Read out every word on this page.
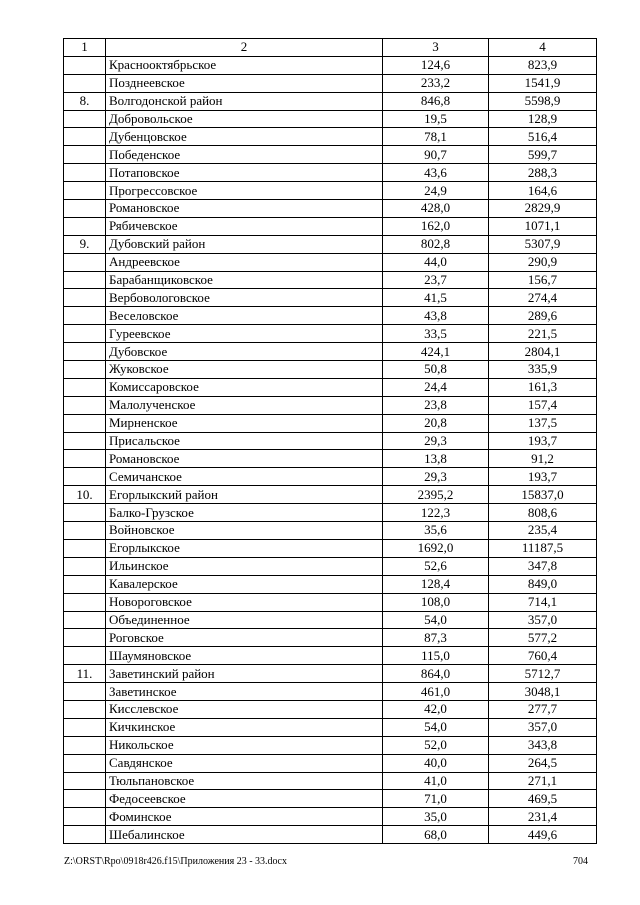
1	2	3	4
	Краснооктябрьское	124,6	823,9
	Позднеевское	233,2	1541,9
8.	Волгодонской район	846,8	5598,9
	Добровольское	19,5	128,9
	Дубенцовское	78,1	516,4
	Победенское	90,7	599,7
	Потаповское	43,6	288,3
	Прогрессовское	24,9	164,6
	Романовское	428,0	2829,9
	Рябичевское	162,0	1071,1
9.	Дубовский район	802,8	5307,9
	Андреевское	44,0	290,9
	Барабанщиковское	23,7	156,7
	Вербовологовское	41,5	274,4
	Веселовское	43,8	289,6
	Гуреевское	33,5	221,5
	Дубовское	424,1	2804,1
	Жуковское	50,8	335,9
	Комиссаровское	24,4	161,3
	Малолученское	23,8	157,4
	Мирненское	20,8	137,5
	Присальское	29,3	193,7
	Романовское	13,8	91,2
	Семичанское	29,3	193,7
10.	Егорлыкский район	2395,2	15837,0
	Балко-Грузское	122,3	808,6
	Войновское	35,6	235,4
	Егорлыкское	1692,0	11187,5
	Ильинское	52,6	347,8
	Кавалерское	128,4	849,0
	Новороговское	108,0	714,1
	Объединенное	54,0	357,0
	Роговское	87,3	577,2
	Шаумяновское	115,0	760,4
11.	Заветинский район	864,0	5712,7
	Заветинское	461,0	3048,1
	Кисслевское	42,0	277,7
	Кичкинское	54,0	357,0
	Никольское	52,0	343,8
	Савдянское	40,0	264,5
	Тюльпановское	41,0	271,1
	Федосеевское	71,0	469,5
	Фоминское	35,0	231,4
	Шебалинское	68,0	449,6
Z:\ORST\Rpo\0918r426.f15\Приложения 23 - 33.docx	704
